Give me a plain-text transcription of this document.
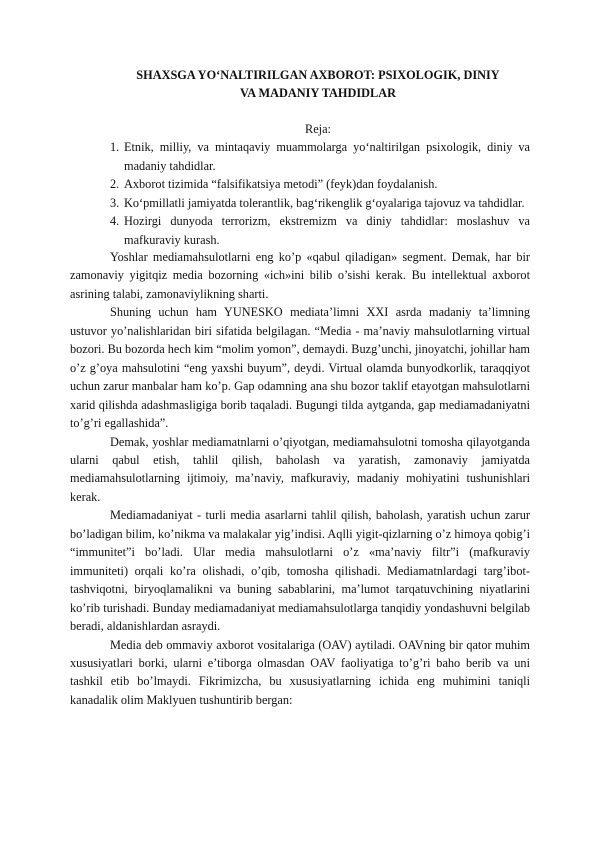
SHAXSGA YO‘NALTIRILGAN AXBOROT: PSIXOLOGIK, DINIY
VA MADANIY TAHDIDLAR
Reja:
1. Etnik, milliy, va mintaqaviy muammolarga yo‘naltirilgan psixologik, diniy va madaniy tahdidlar.
2. Axborot tizimida “falsifikatsiya metodi” (feyk)dan foydalanish.
3. Ko‘pmillatli jamiyatda tolerantlik, bag‘rikenglik g‘oyalariga tajovuz va tahdidlar.
4. Hozirgi dunyoda terrorizm, ekstremizm va diniy tahdidlar: moslashuv va mafkuraviy kurash.

Yoshlar mediamahsulotlarni eng ko’p «qabul qiladigan» segment. Demak, har bir zamonaviy yigitqiz media bozorning «ich»ini bilib o’sishi kerak. Bu intellektual axborot asrining talabi, zamonaviylikning sharti.

Shuning uchun ham YUNESKO mediata’limni XXI asrda madaniy ta’limning ustuvor yo’nalishlaridan biri sifatida belgilagan. “Media - ma’naviy mahsulotlarning virtual bozori. Bu bozorda hech kim “molim yomon”, demaydi. Buzg’unchi, jinoyatchi, johillar ham o’z g’oya mahsulotini “eng yaxshi buyum”, deydi. Virtual olamda bunyodkorlik, taraqqiyot uchun zarur manbalar ham ko’p. Gap odamning ana shu bozor taklif etayotgan mahsulotlarni xarid qilishda adashmasligiga borib taqaladi. Bugungi tilda aytganda, gap mediamadaniyatni to’g’ri egallashida”.

Demak, yoshlar mediamatnlarni o’qiyotgan, mediamahsulotni tomosha qilayotganda ularni qabul etish, tahlil qilish, baholash va yaratish, zamonaviy jamiyatda mediamahsulotlarning ijtimoiy, ma’naviy, mafkuraviy, madaniy mohiyatini tushunishlari kerak.

Mediamadaniyat - turli media asarlarni tahlil qilish, baholash, yaratish uchun zarur bo’ladigan bilim, ko’nikma va malakalar yig’indisi. Aqlli yigit-qizlarning o’z himoya qobig’i “immunitet”i bo’ladi. Ular media mahsulotlarni o’z «ma’naviy filtr”i (mafkuraviy immuniteti) orqali ko’ra olishadi, o’qib, tomosha qilishadi. Mediamatnlardagi targ’ibot-tashviqotni, biryoqlamalikni va buning sabablarini, ma’lumot tarqatuvchining niyatlarini ko’rib turishadi. Bunday mediamadaniyat mediamahsulotlarga tanqidiy yondashuvni belgilab beradi, aldanishlardan asraydi.

Media deb ommaviy axborot vositalariga (OAV) aytiladi. OAVning bir qator muhim xususiyatlari borki, ularni e’tiborga olmasdan OAV faoliyatiga to’g’ri baho berib va uni tashkil etib bo’lmaydi. Fikrimizcha, bu xususiyatlarning ichida eng muhimini taniqli kanadalik olim Maklyuen tushuntirib bergan:
